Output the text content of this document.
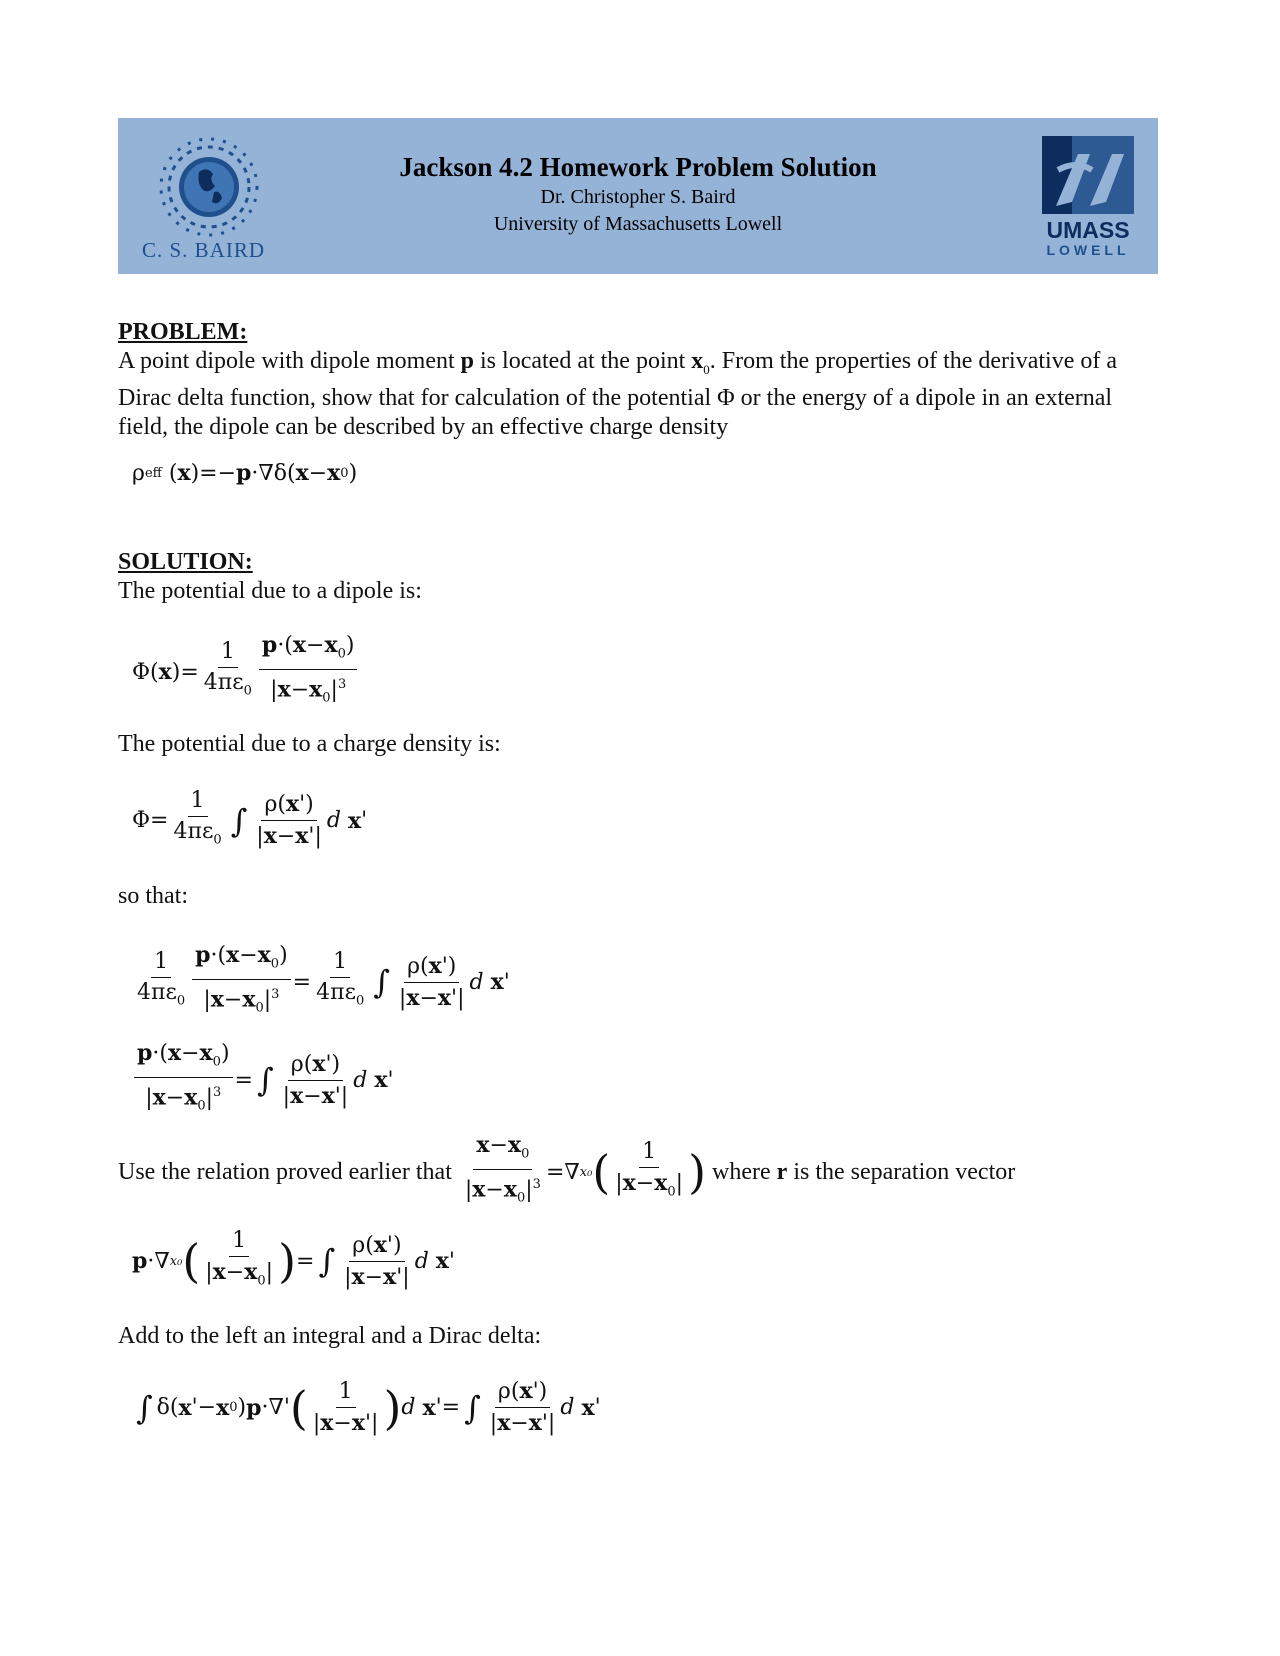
C. S. BAIRD
Jackson 4.2 Homework Problem Solution
Dr. Christopher S. Baird
University of Massachusetts Lowell	UMASS
LOWELL
PROBLEM:

A point dipole with dipole moment p is located at the point $x_0$. From the properties of the derivative of a Dirac delta function, show that for calculation of the potential Φ or the energy of a dipole in an external field, the dipole can be described by an effective charge density

ρ eff ( x )=− p ·∇δ( x − x 0 )
SOLUTION:

The potential due to a dipole is:

Φ( x )= $\frac{1}{4\pi\varepsilon_0} \frac{p\cdot(x-x_0)}{|x-x_0|^3}$

The potential due to a charge density is:

$\Phi= \frac{1}{4\pi\varepsilon_0}$ ∫ $\frac{\rho(x')}{|x-x'|}$ d
x '

so that:

$\frac{1}{4\pi\varepsilon_0} \frac{p\cdot(x-x_0)}{|x-x_0|^3} = \frac{1}{4\pi\varepsilon_0}$ ∫ $\frac{\rho(x')}{|x-x'|}$ d
x '
$\frac{p\cdot(x-x_0)}{|x-x_0|^3}$ = ∫ $\frac{\rho(x')}{|x-x'|}$ d
x '
Use the relation proved earlier that $\frac{x-x_0}{|x-x_0|^3}$ =∇ x₀ ( $\frac{1}{|x-x_0|}$ ) where r is the separation vector
p ·∇ x₀ ( $\frac{1}{|x-x_0|}$ ) = ∫ $\frac{\rho(x')}{|x-x'|}$ d
x '

Add to the left an integral and a Dirac delta:

∫ δ( x '− x 0 ) p ·∇' ( $\frac{1}{|x-x'|}$ ) d
x '= ∫ $\frac{\rho(x')}{|x-x'|}$ d
x '
